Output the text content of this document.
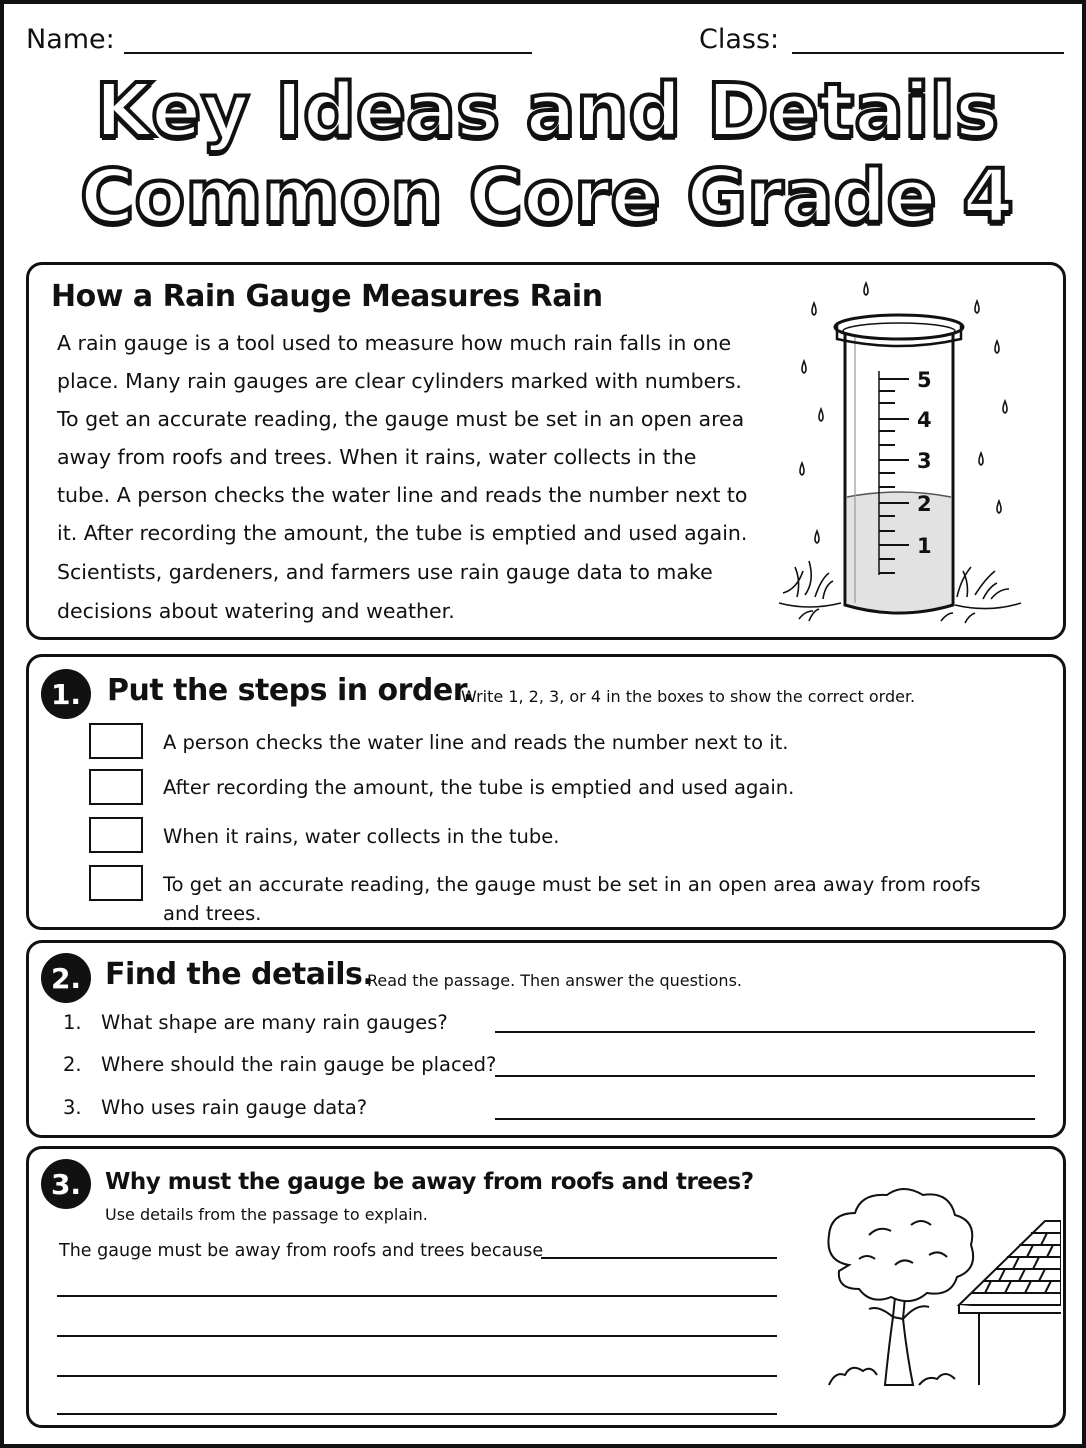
Name:	Class:
Key Ideas and Details
Common Core Grade 4
How a Rain Gauge Measures Rain
A rain gauge is a tool used to measure how much rain falls in one
place. Many rain gauges are clear cylinders marked with numbers.
To get an accurate reading, the gauge must be set in an open area
away from roofs and trees. When it rains, water collects in the
tube. A person checks the water line and reads the number next to
it. After recording the amount, the tube is emptied and used again.
Scientists, gardeners, and farmers use rain gauge data to make
decisions about watering and weather.
5
4
3
2
1
1. Put the steps in order.
Write 1, 2, 3, or 4 in the boxes to show the correct order.
A person checks the water line and reads the number next to it.
After recording the amount, the tube is emptied and used again.
When it rains, water collects in the tube.
To get an accurate reading, the gauge must be set in an open area away from roofs
and trees.
2. Find the details.
Read the passage. Then answer the questions.
1. What shape are many rain gauges?
2. Where should the rain gauge be placed?
3. Who uses rain gauge data?
3.	Why must the gauge be away from roofs and trees?
Use details from the passage to explain.
The gauge must be away from roofs and trees because
